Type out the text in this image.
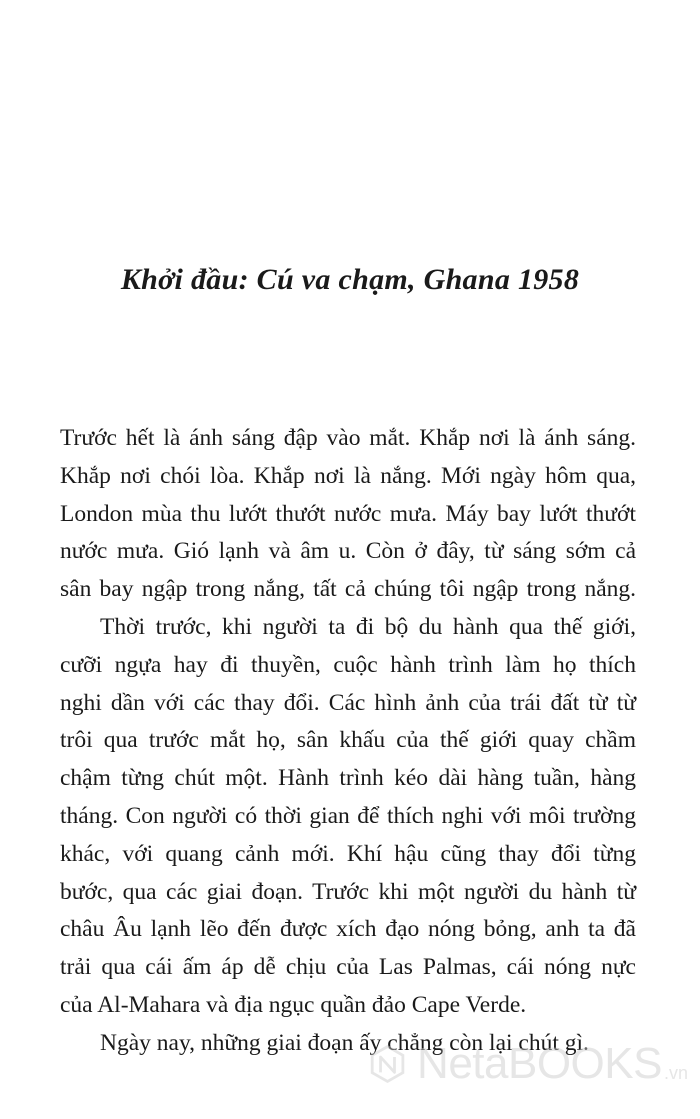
Khởi đầu: Cú va chạm, Ghana 1958
Trước hết là ánh sáng đập vào mắt. Khắp nơi là ánh sáng.
Khắp nơi chói lòa. Khắp nơi là nắng. Mới ngày hôm qua,
London mùa thu lướt thướt nước mưa. Máy bay lướt thướt
nước mưa. Gió lạnh và âm u. Còn ở đây, từ sáng sớm cả
sân bay ngập trong nắng, tất cả chúng tôi ngập trong nắng.
Thời trước, khi người ta đi bộ du hành qua thế giới,
cưỡi ngựa hay đi thuyền, cuộc hành trình làm họ thích
nghi dần với các thay đổi. Các hình ảnh của trái đất từ từ
trôi qua trước mắt họ, sân khấu của thế giới quay chầm
chậm từng chút một. Hành trình kéo dài hàng tuần, hàng
tháng. Con người có thời gian để thích nghi với môi trường
khác, với quang cảnh mới. Khí hậu cũng thay đổi từng
bước, qua các giai đoạn. Trước khi một người du hành từ
châu Âu lạnh lẽo đến được xích đạo nóng bỏng, anh ta đã
trải qua cái ấm áp dễ chịu của Las Palmas, cái nóng nực
của Al-Mahara và địa ngục quần đảo Cape Verde.
Ngày nay, những giai đoạn ấy chẳng còn lại chút gì.
NetaBOOKS .vn
